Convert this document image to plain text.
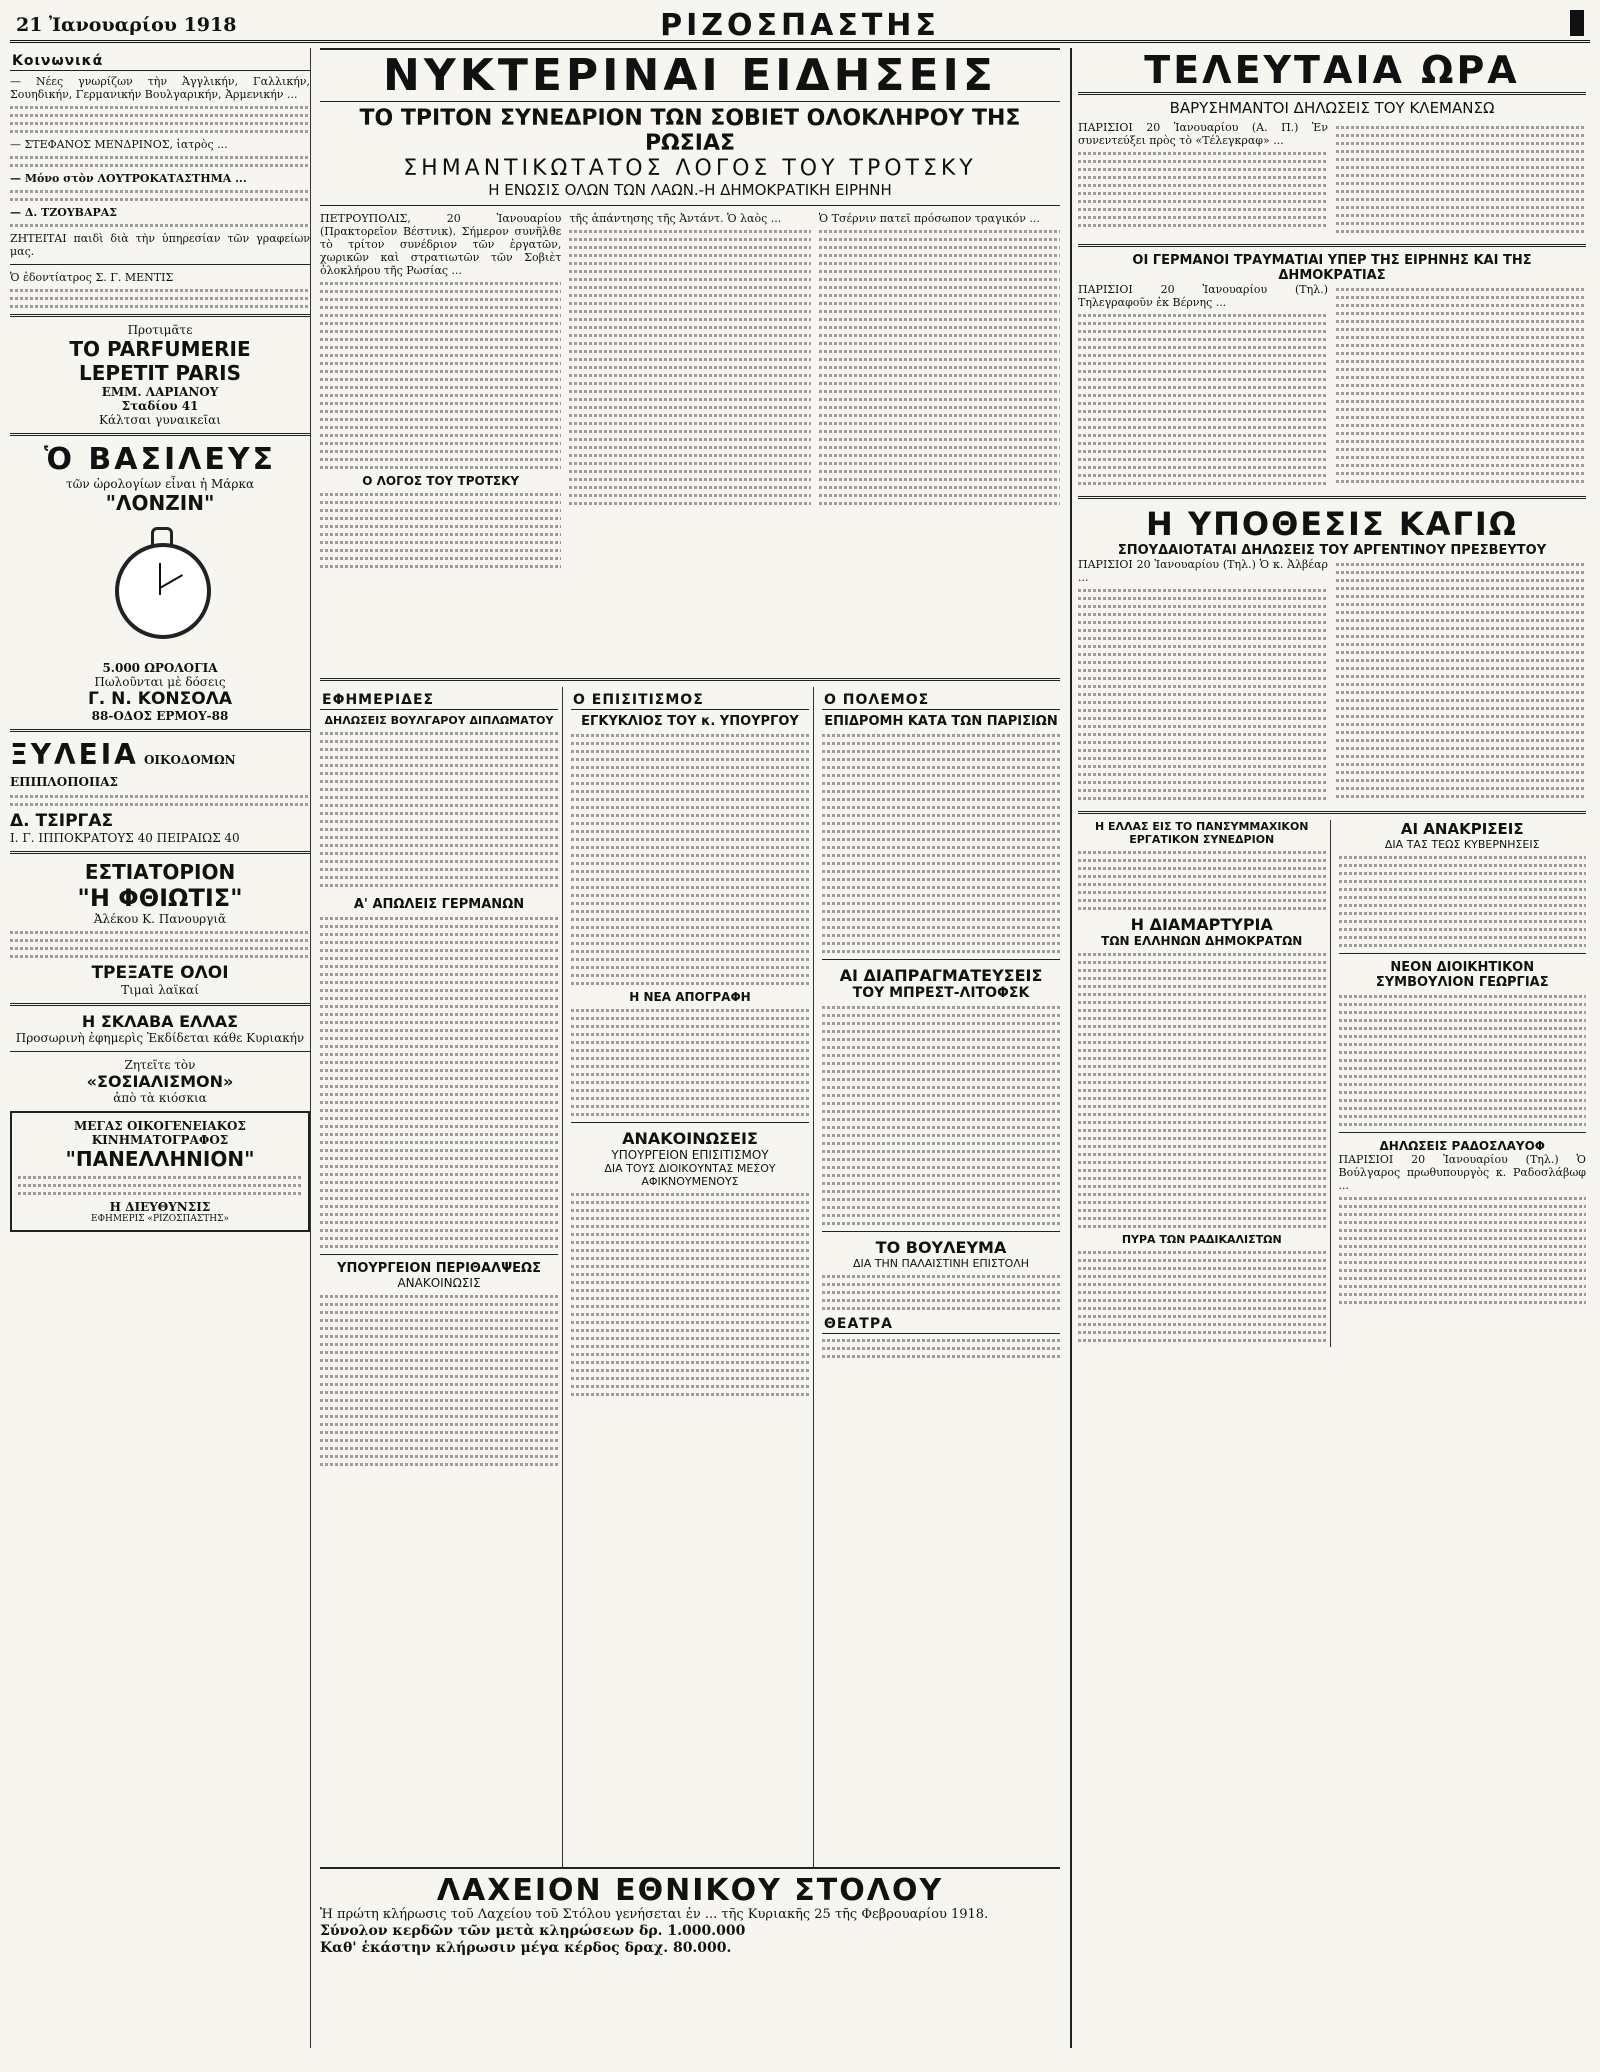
21 Ἰανουαρίου 1918	ΡΙΖΟΣΠΑΣΤΗΣ
Κοινωνικά

— Νέες γνωρίζων τὴν Ἀγγλικήν, Γαλλικήν, Σουηδικήν, Γερμανικήν Βουλγαρικήν, Ἀρμενικήν ...

— ΣΤΕΦΑΝΟΣ ΜΕΝΔΡΙΝΟΣ, ἰατρὸς ...

— Μόνο στὸν ΛΟΥΤΡΟΚΑΤΑΣΤΗΜΑ ...

— Δ. ΤΖΟΥΒΑΡΑΣ

ΖΗΤΕΙΤΑΙ παιδὶ διὰ τὴν ὑπηρεσίαν τῶν γραφείων μας.

Ὁ ἐδοντίατρος Σ. Γ. ΜΕΝΤΙΣ

Προτιμᾶτε
ΤΟ PARFUMERIE
LEPETIT PARIS
ΕΜΜ. ΛΑΡΙΑΝΟΥ
Σταδίου 41
Κάλτσαι γυναικεῖαι
Ὁ ΒΑΣΙΛΕΥΣ
τῶν ὡρολογίων εἶναι ἡ Μάρκα
"ΛΟΝΖΙΝ"
5.000 ΩΡΟΛΟΓΙΑ
Πωλοῦνται μὲ δόσεις
Γ. Ν. ΚΟΝΣΟΛΑ
88-ΟΔΟΣ ΕΡΜΟΥ-88
ΞΥΛΕΙΑ ΟΙΚΟΔΟΜΩΝ ΕΠΙΠΛΟΠΟΙΙΑΣ
Δ. ΤΣΙΡΓΑΣ
Ι. Γ. ΙΠΠΟΚΡΑΤΟΥΣ 40 ΠΕΙΡΑΙΩΣ 40
ΕΣΤΙΑΤΟΡΙΟΝ
"Η ΦΘΙΩΤΙΣ"
Ἀλέκου Κ. Πανουργιᾶ
ΤΡΕΞΑΤΕ ΟΛΟΙ
Τιμαὶ λαϊκαί
Η ΣΚΛΑΒΑ ΕΛΛΑΣ
Προσωρινὴ ἐφημερὶς Ἐκδίδεται κάθε Κυριακήν
Ζητεῖτε τὸν
«ΣΟΣΙΑΛΙΣΜΟΝ»
ἀπὸ τὰ κιόσκια
ΜΕΓΑΣ ΟΙΚΟΓΕΝΕΙΑΚΟΣ ΚΙΝΗΜΑΤΟΓΡΑΦΟΣ
"ΠΑΝΕΛΛΗΝΙΟΝ"
Η ΔΙΕΥΘΥΝΣΙΣ
ΕΦΗΜΕΡΙΣ «ΡΙΖΟΣΠΑΣΤΗΣ»
ΝΥΚΤΕΡΙΝΑΙ ΕΙΔΗΣΕΙΣ
ΤΟ ΤΡΙΤΟΝ ΣΥΝΕΔΡΙΟΝ ΤΩΝ ΣΟΒΙΕΤ ΟΛΟΚΛΗΡΟΥ ΤΗΣ ΡΩΣΙΑΣ
ΣΗΜΑΝΤΙΚΩΤΑΤΟΣ ΛΟΓΟΣ ΤΟΥ ΤΡΟΤΣΚΥ
Η ΕΝΩΣΙΣ ΟΛΩΝ ΤΩΝ ΛΑΩΝ.-Η ΔΗΜΟΚΡΑΤΙΚΗ ΕΙΡΗΝΗ

ΠΕΤΡΟΥΠΟΛΙΣ, 20 Ἰανουαρίου (Πρακτορεῖον Βέστνικ). Σήμερον συνῆλθε τὸ τρίτον συνέδριον τῶν ἐργατῶν, χωρικῶν καὶ στρατιωτῶν τῶν Σοβιὲτ ὁλοκλήρου τῆς Ρωσίας ...

Ο ΛΟΓΟΣ ΤΟΥ ΤΡΟΤΣΚΥ

τῆς ἀπάντησης τῆς Ἀντάντ. Ὁ λαὸς ...	Ὁ Τσέρνιν πατεῖ πρόσωπον τραγικόν ...

ΕΦΗΜΕΡΙΔΕΣ
ΔΗΛΩΣΕΙΣ ΒΟΥΛΓΑΡΟΥ ΔΙΠΛΩΜΑΤΟΥ
Α' ΑΠΩΛΕΙΣ ΓΕΡΜΑΝΩΝ
ΥΠΟΥΡΓΕΙΟΝ ΠΕΡΙΘΑΛΨΕΩΣ
ΑΝΑΚΟΙΝΩΣΙΣ
Ο ΕΠΙΣΙΤΙΣΜΟΣ
ΕΓΚΥΚΛΙΟΣ ΤΟΥ κ. ΥΠΟΥΡΓΟΥ
Η ΝΕΑ ΑΠΟΓΡΑΦΗ
ΑΝΑΚΟΙΝΩΣΕΙΣ
ΥΠΟΥΡΓΕΙΟΝ ΕΠΙΣΙΤΙΣΜΟΥ
ΔΙΑ ΤΟΥΣ ΔΙΟΙΚΟΥΝΤΑΣ ΜΕΣΟΥ ΑΦΙΚΝΟΥΜΕΝΟΥΣ
Ο ΠΟΛΕΜΟΣ
ΕΠΙΔΡΟΜΗ ΚΑΤΑ ΤΩΝ ΠΑΡΙΣΙΩΝ
ΑΙ ΔΙΑΠΡΑΓΜΑΤΕΥΣΕΙΣ
ΤΟΥ ΜΠΡΕΣΤ-ΛΙΤΟΦΣΚ
ΤΟ ΒΟΥΛΕΥΜΑ
ΔΙΑ ΤΗΝ ΠΑΛΑΙΣΤΙΝΗ ΕΠΙΣΤΟΛΗ
ΘΕΑΤΡΑ
ΛΑΧΕΙΟΝ ΕΘΝΙΚΟΥ ΣΤΟΛΟΥ

Ἡ πρώτη κλήρωσις τοῦ Λαχείου τοῦ Στόλου γενήσεται ἐν ... τῆς Κυριακῆς 25 τῆς Φεβρουαρίου 1918.

Σύνολον κερδῶν τῶν μετὰ κληρώσεων δρ. 1.000.000

Καθ' ἑκάστην κλήρωσιν μέγα κέρδος δραχ. 80.000.

ΤΕΛΕΥΤΑΙΑ ΩΡΑ
ΒΑΡΥΣΗΜΑΝΤΟΙ ΔΗΛΩΣΕΙΣ ΤΟΥ ΚΛΕΜΑΝΣΩ

ΠΑΡΙΣΙΟΙ 20 Ἰανουαρίου (Α. Π.) Ἐν συνεντεύξει πρὸς τὸ «Τέλεγκραφ» ...

ΟΙ ΓΕΡΜΑΝΟΙ ΤΡΑΥΜΑΤΙΑΙ ΥΠΕΡ ΤΗΣ ΕΙΡΗΝΗΣ ΚΑΙ ΤΗΣ ΔΗΜΟΚΡΑΤΙΑΣ

ΠΑΡΙΣΙΟΙ 20 Ἰανουαρίου (Τηλ.) Τηλεγραφοῦν ἐκ Βέρνης ...

Η ΥΠΟΘΕΣΙΣ ΚΑΓΙΩ
ΣΠΟΥΔΑΙΟΤΑΤΑΙ ΔΗΛΩΣΕΙΣ ΤΟΥ ΑΡΓΕΝΤΙΝΟΥ ΠΡΕΣΒΕΥΤΟΥ

ΠΑΡΙΣΙΟΙ 20 Ἰανουαρίου (Τηλ.) Ὁ κ. Ἀλβέαρ ...

Η ΕΛΛΑΣ ΕΙΣ ΤΟ ΠΑΝΣΥΜΜΑΧΙΚΟΝ ΕΡΓΑΤΙΚΟΝ ΣΥΝΕΔΡΙΟΝ
Η ΔΙΑΜΑΡΤΥΡΙΑ
ΤΩΝ ΕΛΛΗΝΩΝ ΔΗΜΟΚΡΑΤΩΝ
ΠΥΡΑ ΤΩΝ ΡΑΔΙΚΑΛΙΣΤΩΝ
ΑΙ ΑΝΑΚΡΙΣΕΙΣ
ΔΙΑ ΤΑΣ ΤΕΩΣ ΚΥΒΕΡΝΗΣΕΙΣ
ΝΕΟΝ ΔΙΟΙΚΗΤΙΚΟΝ
ΣΥΜΒΟΥΛΙΟΝ ΓΕΩΡΓΙΑΣ
ΔΗΛΩΣΕΙΣ ΡΑΔΟΣΛΑΥΟΦ

ΠΑΡΙΣΙΟΙ 20 Ἰανουαρίου (Τηλ.) Ὁ Βούλγαρος πρωθυπουργὸς κ. Ραδοσλάβωφ ...
